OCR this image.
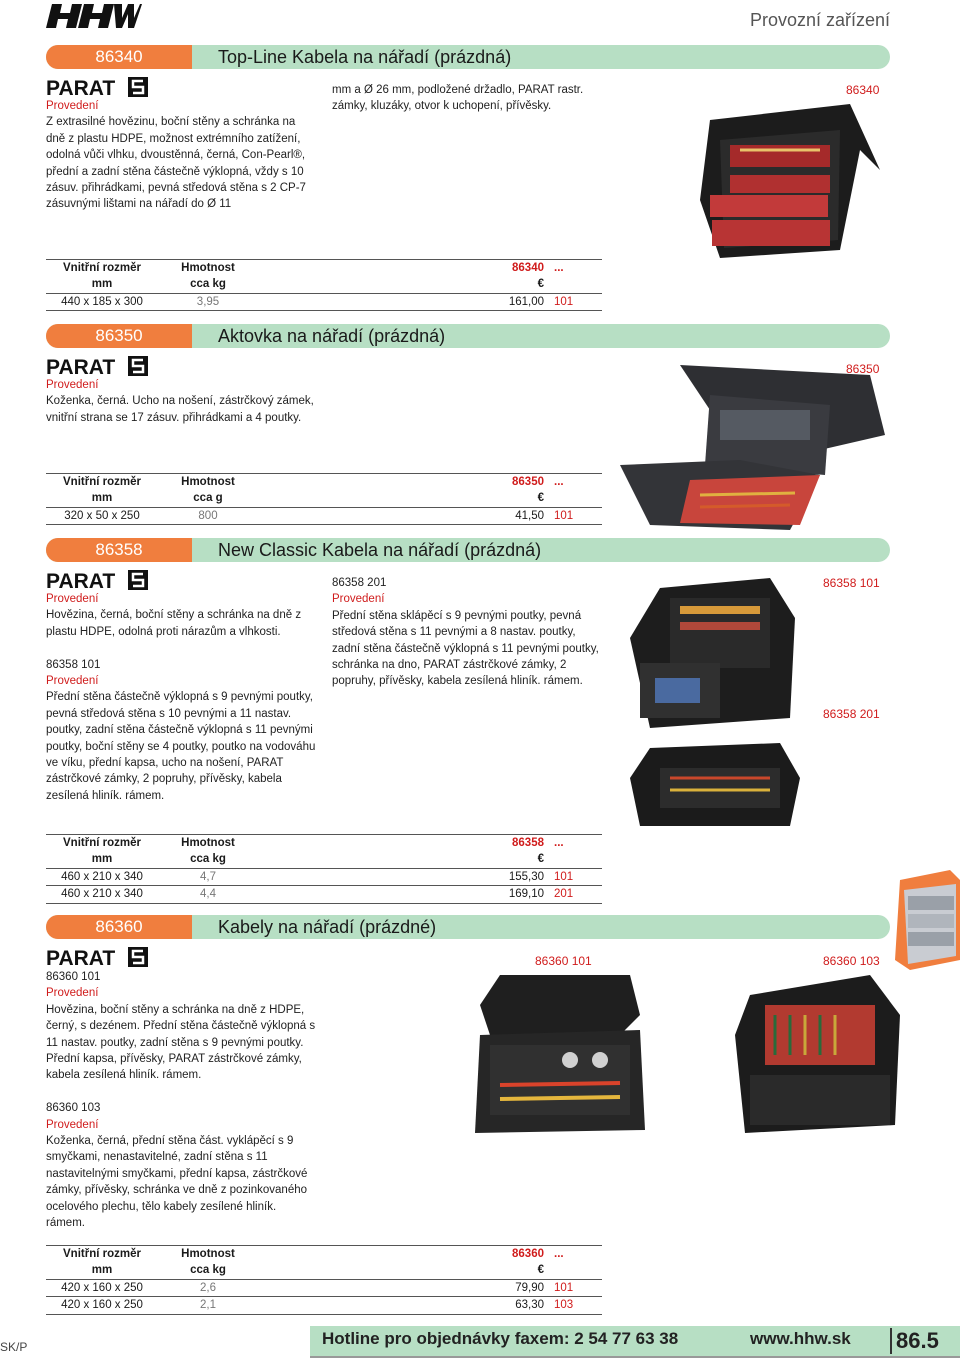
Provozní zařízení
86340	Top-Line Kabela na nářadí (prázdná)
PARAT
Provedení

Z extrasilné hovězinu, boční stěny a schránka na dně z plastu HDPE, možnost extrémního zatížení, odolná vůči vlhku, dvoustěnná, černá, Con-Pearl®, přední a zadní stěna částečně výklopná, vždy s 10 zásuv. přihrádkami, pevná středová stěna s 2 CP-7 zásuvnými lištami na nářadí do Ø 11

mm a Ø 26 mm, podložené držadlo, PARAT rastr. zámky, kluzáky, otvor k uchopení, přívěsky.

86340
Vnitřní rozměr	Hmotnost	86340 ...
mm	cca kg	€
440 x 185 x 300	3,95	161,00 101
86350	Aktovka na nářadí (prázdná)
PARAT
Provedení

Koženka, černá. Ucho na nošení, zástrčkový zámek, vnitřní strana se 17 zásuv. přihrádkami a 4 poutky.

86350
Vnitřní rozměr	Hmotnost	86350 ...
mm	cca g	€
320 x 50 x 250	800	41,50 101
86358	New Classic Kabela na nářadí (prázdná)
PARAT
Provedení

Hovězina, černá, boční stěny a schránka na dně z plastu HDPE, odolná proti nárazům a vlhkosti.

86358 101

Provedení

Přední stěna částečně výklopná s 9 pevnými poutky, pevná středová stěna s 10 pevnými a 11 nastav. poutky, zadní stěna částečně výklopná s 11 pevnými poutky, boční stěny se 4 poutky, poutko na vodováhu ve víku, přední kapsa, ucho na nošení, PARAT zástrčkové zámky, 2 popruhy, přívěsky, kabela zesílená hliník. rámem.

86358 201

Provedení

Přední stěna sklápěcí s 9 pevnými poutky, pevná středová stěna s 11 pevnými a 8 nastav. poutky, zadní stěna částečně výklopná s 11 pevnými poutky, schránka na dno, PARAT zástrčkové zámky, 2 popruhy, přívěsky, kabela zesílená hliník. rámem.

86358 101
86358 201
Vnitřní rozměr	Hmotnost	86358 ...
mm	cca kg	€
460 x 210 x 340	4,7	155,30 101
460 x 210 x 340	4,4	169,10 201
86360	Kabely na nářadí (prázdné)
PARAT

86360 101

Provedení

Hovězina, boční stěny a schránka na dně z HDPE, černý, s dezénem. Přední stěna částečně výklopná s 11 nastav. poutky, zadní stěna s 9 pevnými poutky. Přední kapsa, přívěsky, PARAT zástrčkové zámky, kabela zesílená hliník. rámem.

86360 103

Provedení

Koženka, černá, přední stěna část. vyklápěcí s 9 smyčkami, nenastavitelné, zadní stěna s 11 nastavitelnými smyčkami, přední kapsa, zástrčkové zámky, přívěsky, schránka ve dně z pozinkovaného ocelového plechu, tělo kabely zesílené hliník. rámem.

86360 101	86360 103
Vnitřní rozměr	Hmotnost	86360 ...
mm	cca kg	€
420 x 160 x 250	2,6	79,90 101
420 x 160 x 250	2,1	63,30 103
SK/P	Hotline pro objednávky faxem: 2 54 77 63 38	www.hhw.sk 86.5
